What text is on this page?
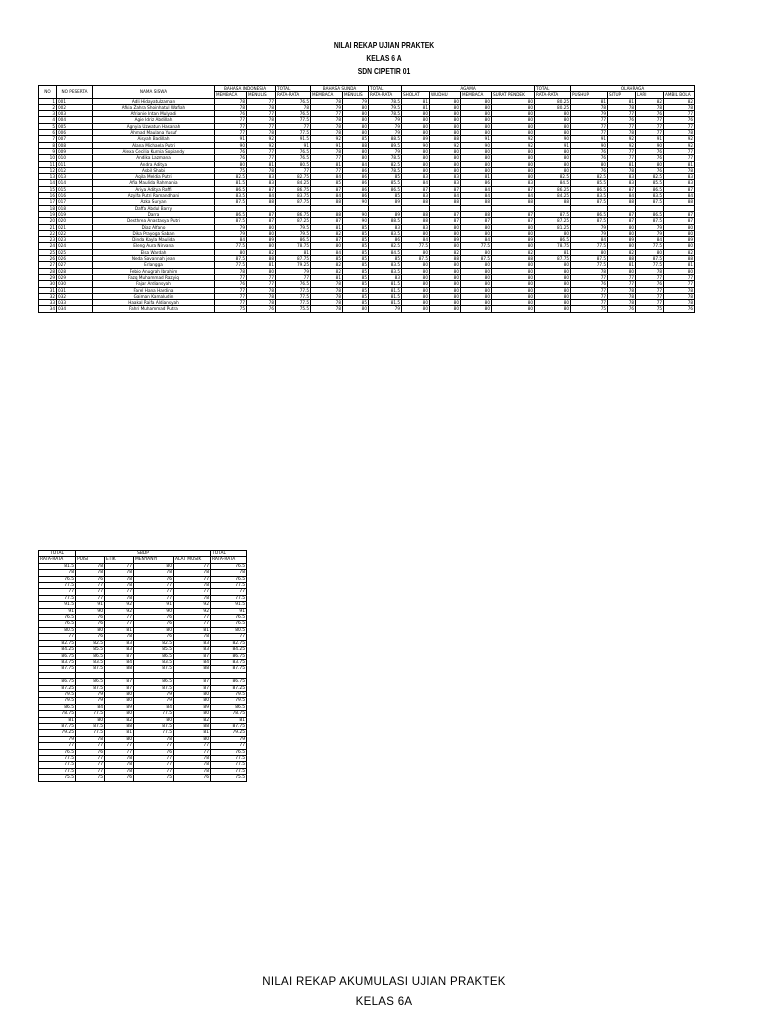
NILAI REKAP UJIAN PRAKTEK
KELAS 6 A
SDN CIPETIR 01
NO	NO PESERTA	NAMA SISWA	BAHASA INDONESIA		TOTAL	BAHASA SUNDA		TOTAL	AGAMA				TOTAL	OLAHRAGA			
			MEMBACA	MENULIS	RATA-RATA	MEMBACA	MENULIS	RATA-RATA	SHOLAT	WUDHU	MEMBACA	SURAT PENDEK	RATA-RATA	PUSHUP	SITUP	LARI	AMBIL BOLA
1	001	Adli Hidayatulzaman	78	77	76.5	78	79	78.5	81	80	80	80	80.25	81	81	82	82
2	002	Afkia Zahra Shoinhatul Wafiah	78	78	78	79	80	79.5	81	80	80	80	80.25	78	78	78	78
3	003	Afrianie Intan Mulyadi	76	77	76.5	77	80	78.5	80	80	80	80	80	79	77	76	77
4	004	Agie Idriz Abdillah	77	78	77.5	78	80	79	80	80	80	80	80	77	76	77	76
5	005	Agnyia Uzwatun Hasanah	77	77	77	78	80	79	80	80	80	80	80	77	77	77	77
6	006	Ahmad Maulana Yusuf	77	78	77.5	78	80	79	80	80	80	80	80	77	78	77	78
7	007	Aisyah Badillah	91	92	91.5	92	85	88.5	89	88	91	92	90	91	92	91	92
8	008	Alana Michaela Putri	90	92	91	91	88	89.5	90	92	90	92	91	90	92	90	92
9	009	Alexa Cecilia Kurnia Sopiandy	76	77	76.5	78	80	79	80	80	80	80	80	76	77	76	77
10	010	Andika Lazmana	76	77	76.5	77	80	78.5	80	80	80	80	80	76	77	76	77
11	011	Andra Aditya	80	81	80.5	81	84	82.5	80	80	80	80	80	80	81	80	81
12	012	Asbil Shabi	75	78	77	77	86	78.5	80	80	80	80	80	76	78	76	78
13	013	Aqila Meldia Putri	82.5	83	82.75	84	86	85	83	83	81	80	82.5	82.5	83	82.5	83
14	014	Afia Maulida Rahmania	81.5	83	84.25	85	86	85.5	84	83	86	83	84.5	85.5	83	85.5	83
15	015	Ariya Aditya Raffi	86.5	87	86.75	87	86	86.5	87	87	84	87	86.25	86.5	87	86.5	87
16	016	Azyifa Putri Ramandhani	83.5	84	83.75	84	86	85	83	84	84	84	84.25	83.5	84	83.5	84
17	017	Azka Suryan	87.5	88	87.75	88	90	89	88	88	88	88	88	87.5	88	87.5	88
18	018	Daffa Abdul Barry															
19	019	Darra	86.5	87	86.75	88	90	89	88	87	88	87	87.5	86.5	87	86.5	87
20	020	Desthrea Anastasya Putri	87.5	87	87.25	87	90	88.5	88	87	87	87	87.25	87.5	87	87.5	87
21	021	Diaz Alfano	79	80	79.5	81	85	83	83	80	80	80	81.25	79	80	79	80
22	022	Dika Prayoga Saban	79	80	79.5	82	85	83.5	80	80	80	80	80	79	80	79	80
23	023	Dinda Kayla Maulida	84	89	86.5	87	85	86	84	89	84	89	86.5	84	89	84	89
24	024	Eleng Aura Nirvana	77.5	80	78.75	80	85	82.5	77.5	80	77.5	80	78.75	77.5	80	77.5	80
25	025	Elsa Wardah	80	82	81	84	85	84.5	80	82	80	82	81	80	82	80	82
26	026	Neda Savannah jean	87.5	88	87.75	85	85	85	87.5	88	87.5	88	87.75	87.5	88	87.5	88
27	027	Erlangga	77.5	81	79.25	82	85	83.5	80	80	80	80	80	77.5	81	77.5	81
28	028	Febio Anugrah Ibrahim	78	80	79	82	85	83.5	80	80	80	80	80	78	80	78	80
29	029	Fazq Muhammad Razyiq	77	77	77	81	85	83	80	80	80	80	80	77	77	77	77
30	030	Fajar Ardiansyah	76	77	76.5	78	85	81.5	80	80	80	80	80	76	77	76	77
31	031	Farel Hana Hardina	77	78	77.5	78	85	81.5	80	80	80	80	80	77	78	77	78
32	032	Gaiman Kamaludin	77	78	77.5	78	85	81.5	80	80	80	80	80	77	78	77	78
33	033	Haakal Raifa Aldiansyah	77	78	77.5	78	85	81.5	80	80	80	80	80	77	78	77	78
34	034	Fahri Muhammad Putra	75	76	75.5	78	80	79	80	80	80	80	80	75	76	75	76
TOTAL	SBDP				TOTAL
RATA-RATA	PUISI	ETIK	MENYANYI	ALAT MUSIK	RATA-RATA
81.5	78	77	80	77	76.5
78	78	78	78	78	78
76.5	76	78	76	77	76.5
77.5	77	78	77	78	77.5
77	77	77	77	77	77
77.5	77	78	77	78	77.5
91.5	91	92	91	92	91.5
91	90	92	90	92	91
76.5	76	77	76	77	76.5
76.5	76	77	76	77	76.5
80.5	80	81	80	81	80.5
77	76	78	76	78	77
82.75	82.5	83	82.5	83	82.75
84.25	85.5	83	85.5	83	84.25
86.75	86.5	87	86.5	87	86.75
83.75	83.5	84	83.5	84	83.75
87.75	87.5	88	87.5	88	87.75

86.75	86.5	87	86.5	87	86.75
87.25	87.5	87	87.5	87	87.25
79.5	79	80	79	80	79.5
79.5	79	80	79	80	79.5
86.5	84	89	84	89	86.5
78.75	77.5	80	77.5	80	78.75
81	80	82	80	82	81
87.75	87.5	88	87.5	88	87.75
79.25	77.5	81	77.5	81	79.25
79	78	80	78	80	79
77	77	77	77	77	77
76.5	76	77	76	77	76.5
77.5	77	78	77	78	77.5
77.5	77	78	77	78	77.5
77.5	77	78	77	78	77.5
75.5	75	76	75	76	75.5
NILAI REKAP AKUMULASI UJIAN PRAKTEK
KELAS 6A
